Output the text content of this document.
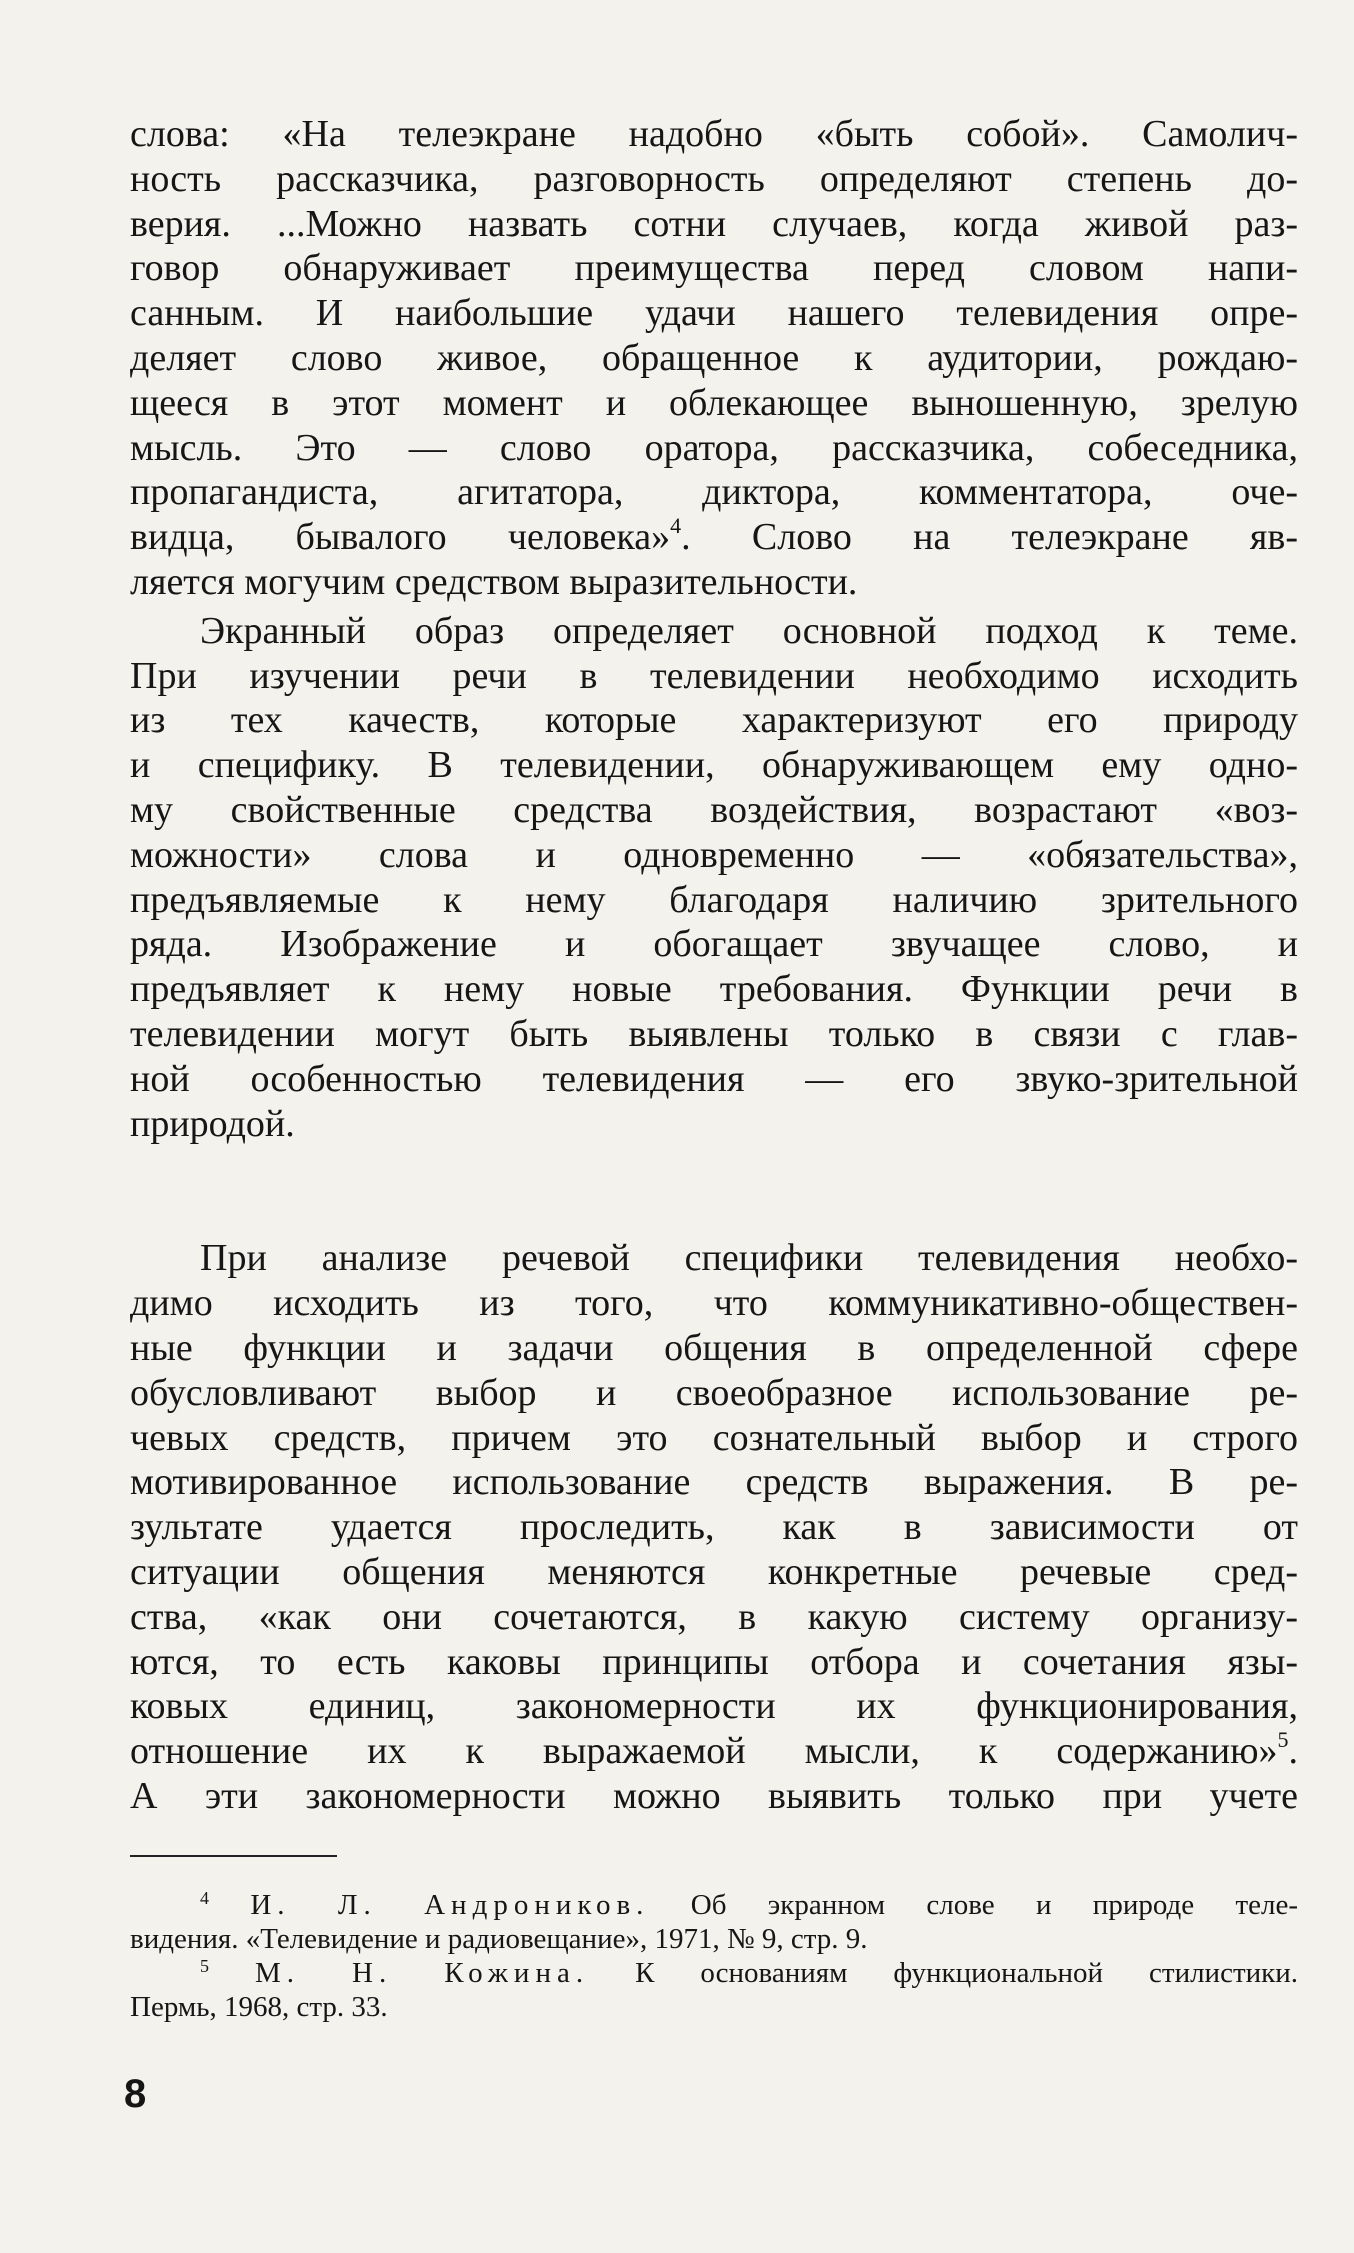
слова: «На телеэкране надобно «быть собой». Самолич-
ность рассказчика, разговорность определяют степень до-
верия. ...Можно назвать сотни случаев, когда живой раз-
говор обнаруживает преимущества перед словом напи-
санным. И наибольшие удачи нашего телевидения опре-
деляет слово живое, обращенное к аудитории, рождаю-
щееся в этот момент и облекающее выношенную, зрелую
мысль. Это — слово оратора, рассказчика, собеседника,
пропагандиста, агитатора, диктора, комментатора, оче-
видца, бывалого человека»$^4$. Слово на телеэкране яв-
ляется могучим средством выразительности.
Экранный образ определяет основной подход к теме.
При изучении речи в телевидении необходимо исходить
из тех качеств, которые характеризуют его природу
и специфику. В телевидении, обнаруживающем ему одно-
му свойственные средства воздействия, возрастают «воз-
можности» слова и одновременно — «обязательства»,
предъявляемые к нему благодаря наличию зрительного
ряда. Изображение и обогащает звучащее слово, и
предъявляет к нему новые требования. Функции речи в
телевидении могут быть выявлены только в связи с глав-
ной особенностью телевидения — его звуко-зрительной
природой.
При анализе речевой специфики телевидения необхо-
димо исходить из того, что коммуникативно-обществен-
ные функции и задачи общения в определенной сфере
обусловливают выбор и своеобразное использование ре-
чевых средств, причем это сознательный выбор и строго
мотивированное использование средств выражения. В ре-
зультате удается проследить, как в зависимости от
ситуации общения меняются конкретные речевые сред-
ства, «как они сочетаются, в какую систему организу-
ются, то есть каковы принципы отбора и сочетания язы-
ковых единиц, закономерности их функционирования,
отношение их к выражаемой мысли, к содержанию»$^5$.
А эти закономерности можно выявить только при учете
$^4$ И. Л. Андроников. Об экранном слове и природе теле-
видения. «Телевидение и радиовещание», 1971, № 9, стр. 9.
$^5$ М. Н. Кожина. К основаниям функциональной стилистики.
Пермь, 1968, стр. 33.
8
